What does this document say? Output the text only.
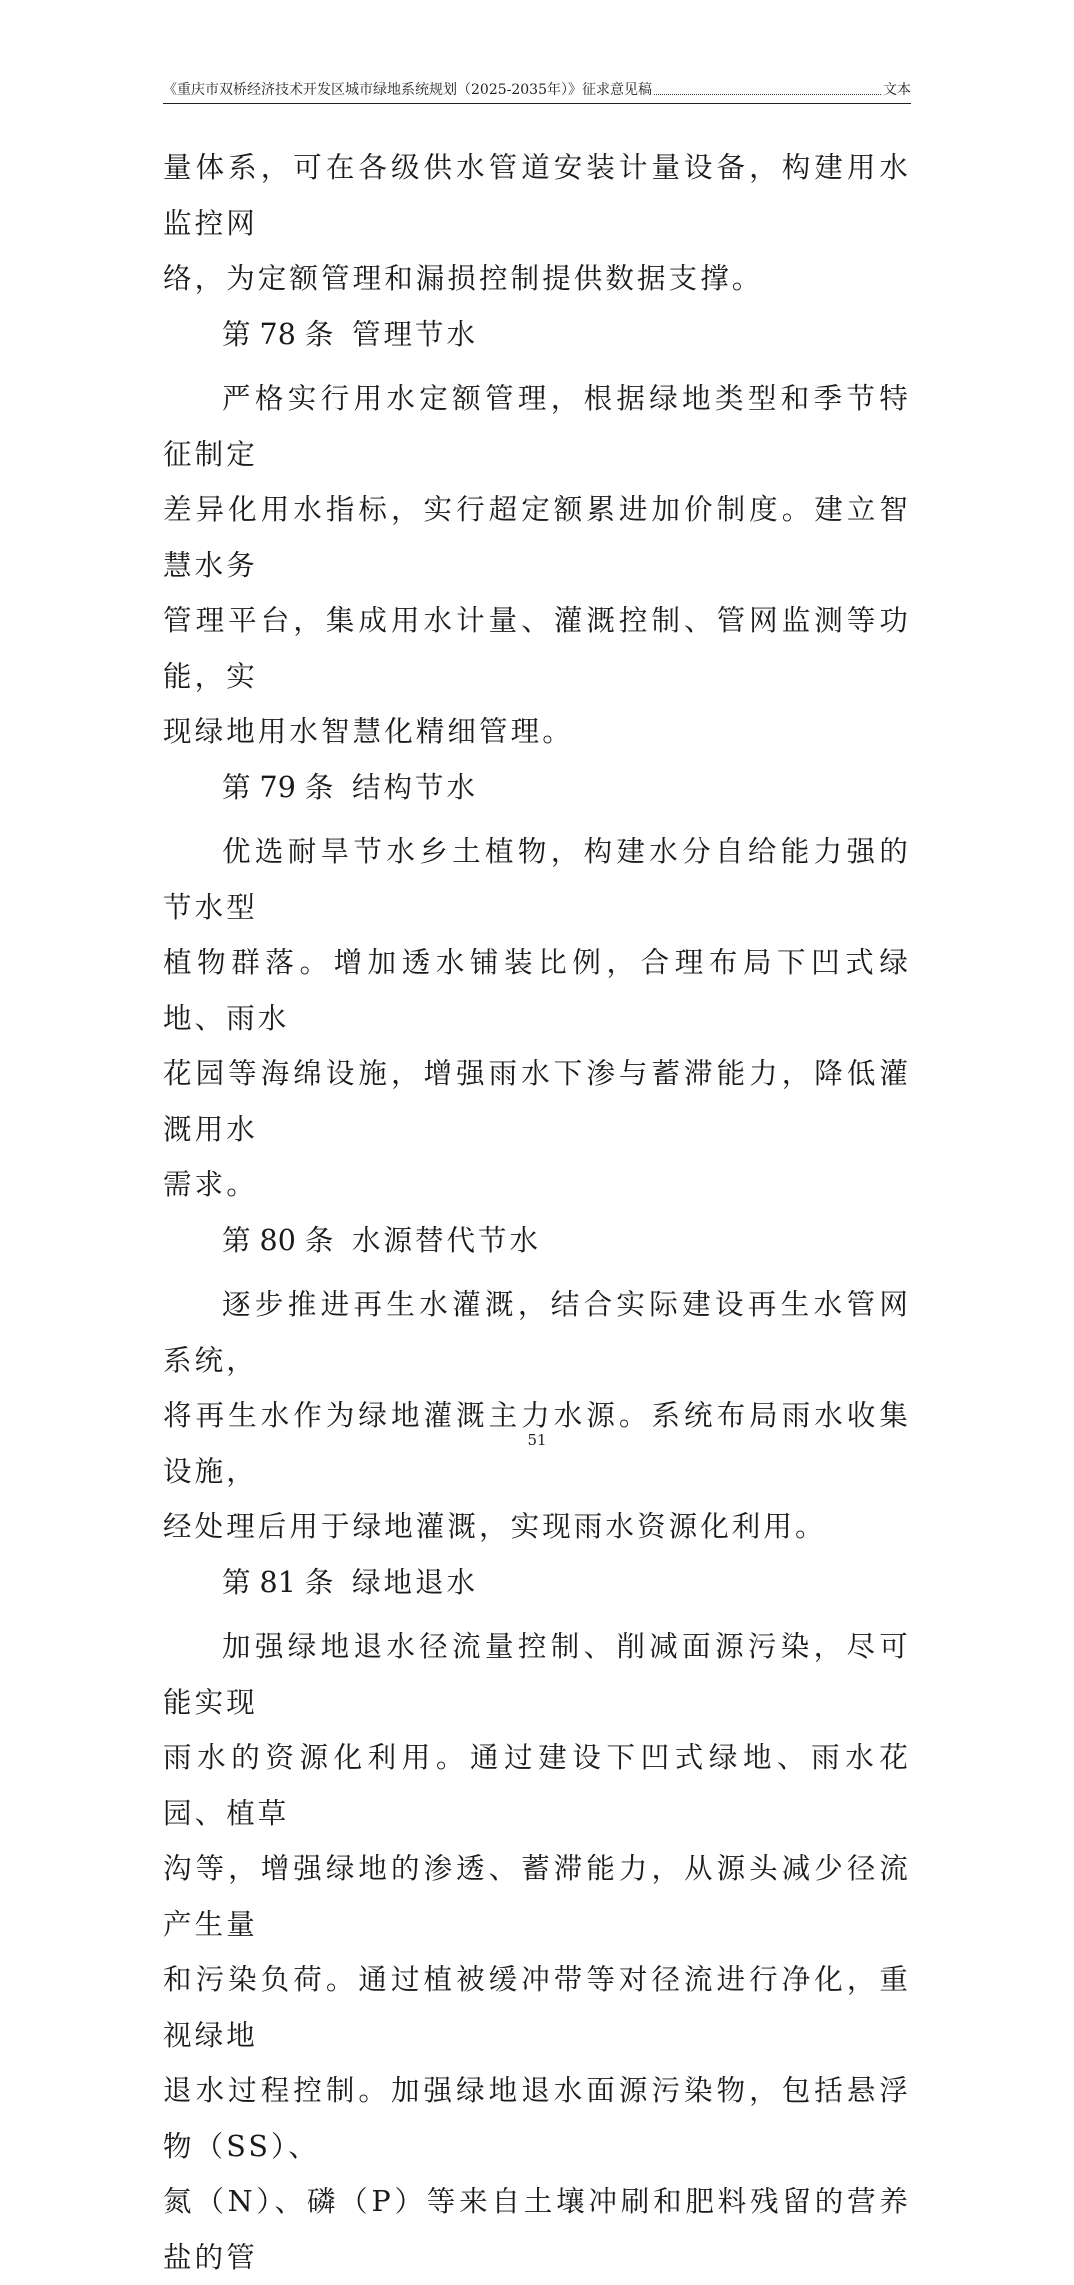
《重庆市双桥经济技术开发区城市绿地系统规划（2025-2035年）》征求意见稿	文本

量体系，可在各级供水管道安装计量设备，构建用水监控网
络，为定额管理和漏损控制提供数据支撑。

第 78 条 管理节水

严格实行用水定额管理，根据绿地类型和季节特征制定
差异化用水指标，实行超定额累进加价制度。建立智慧水务
管理平台，集成用水计量、灌溉控制、管网监测等功能，实
现绿地用水智慧化精细管理。

第 79 条 结构节水

优选耐旱节水乡土植物，构建水分自给能力强的节水型
植物群落。增加透水铺装比例，合理布局下凹式绿地、雨水
花园等海绵设施，增强雨水下渗与蓄滞能力，降低灌溉用水
需求。

第 80 条 水源替代节水

逐步推进再生水灌溉，结合实际建设再生水管网系统，
将再生水作为绿地灌溉主力水源。系统布局雨水收集设施，
经处理后用于绿地灌溉，实现雨水资源化利用。

第 81 条 绿地退水

加强绿地退水径流量控制、削减面源污染，尽可能实现
雨水的资源化利用。通过建设下凹式绿地、雨水花园、植草
沟等，增强绿地的渗透、蓄滞能力，从源头减少径流产生量
和污染负荷。通过植被缓冲带等对径流进行净化，重视绿地
退水过程控制。加强绿地退水面源污染物，包括悬浮物（SS）、
氮（N）、磷（P）等来自土壤冲刷和肥料残留的营养盐的管

51
